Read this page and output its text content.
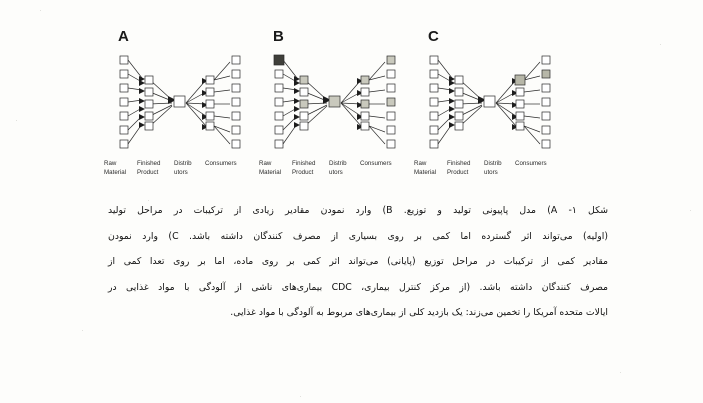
A
Raw
Material
Finished
Product
Distrib
utors
Consumers
B
Raw
Material
Finished
Product
Distrib
utors
Consumers
C
Raw
Material
Finished
Product
Distrib
utors
Consumers

شکل ۱- A) مدل پاپیونی تولید و توزیع. B) وارد نمودن مقادیر زیادی از ترکیبات در مراحل تولید

(اولیه) می‌تواند اثر گسترده اما کمی بر روی بسیاری از مصرف کنندگان داشته باشد. C) وارد نمودن

مقادیر کمی از ترکیبات در مراحل توزیع (پایانی) می‌تواند اثر کمی بر روی ماده، اما بر روی تعدا کمی از

مصرف کنندگان داشته باشد. (از مرکز کنترل بیماری، CDC بیماری‌های ناشی از آلودگی با مواد غذایی در

ایالات متحده آمریکا را تخمین می‌زند: یک بازدید کلی از بیماری‌های مربوط به آلودگی با مواد غذایی.
